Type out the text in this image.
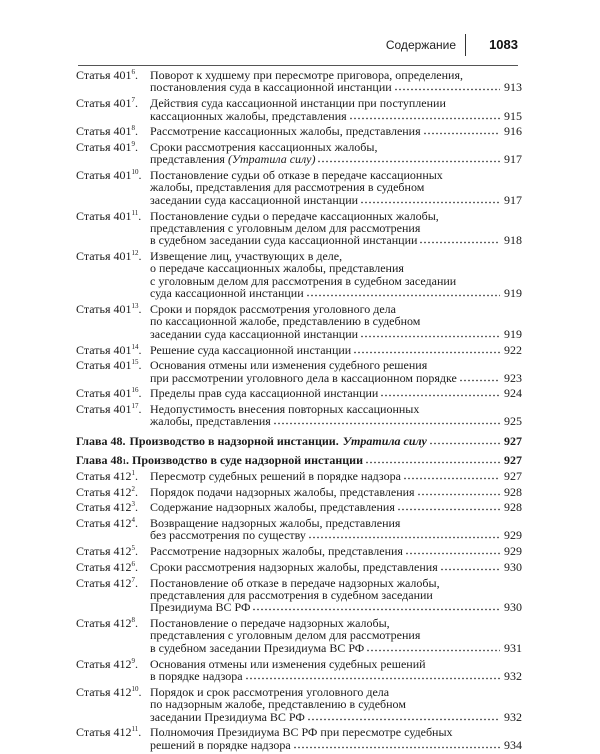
Содержание	1083
Статья $401^6$. Поворот к худшему при пересмотре приговора, определения,
постановления суда в кассационной инстанции	913
Статья $401^7$. Действия суда кассационной инстанции при поступлении
кассационных жалобы, представления	915
Статья $401^8$. Рассмотрение кассационных жалобы, представления	916
Статья $401^9$. Сроки рассмотрения кассационных жалобы,
представления (Утратила силу)	917
Статья $401^{10}$. Постановление судьи об отказе в передаче кассационных
жалобы, представления для рассмотрения в судебном
заседании суда кассационной инстанции	917
Статья $401^{11}$. Постановление судьи о передаче кассационных жалобы,
представления с уголовным делом для рассмотрения
в судебном заседании суда кассационной инстанции	918
Статья $401^{12}$. Извещение лиц, участвующих в деле,
о передаче кассационных жалобы, представления
с уголовным делом для рассмотрения в судебном заседании
суда кассационной инстанции	919
Статья $401^{13}$. Сроки и порядок рассмотрения уголовного дела
по кассационной жалобе, представлению в судебном
заседании суда кассационной инстанции	919
Статья $401^{14}$. Решение суда кассационной инстанции	922
Статья $401^{15}$. Основания отмены или изменения судебного решения
при рассмотрении уголовного дела в кассационном порядке	923
Статья $401^{16}$. Пределы прав суда кассационной инстанции	924
Статья $401^{17}$. Недопустимость внесения повторных кассационных
жалобы, представления	925
Глава 48. Производство в надзорной инстанции. Утратила силу	927
Глава 48 1 . Производство в суде надзорной инстанции	927
Статья $412^1$. Пересмотр судебных решений в порядке надзора	927
Статья $412^2$. Порядок подачи надзорных жалобы, представления	928
Статья $412^3$. Содержание надзорных жалобы, представления	928
Статья $412^4$. Возвращение надзорных жалобы, представления
без рассмотрения по существу	929
Статья $412^5$. Рассмотрение надзорных жалобы, представления	929
Статья $412^6$. Сроки рассмотрения надзорных жалобы, представления	930
Статья $412^7$. Постановление об отказе в передаче надзорных жалобы,
представления для рассмотрения в судебном заседании
Президиума ВС РФ	930
Статья $412^8$. Постановление о передаче надзорных жалобы,
представления с уголовным делом для рассмотрения
в судебном заседании Президиума ВС РФ	931
Статья $412^9$. Основания отмены или изменения судебных решений
в порядке надзора	932
Статья $412^{10}$. Порядок и срок рассмотрения уголовного дела
по надзорным жалобе, представлению в судебном
заседании Президиума ВС РФ	932
Статья $412^{11}$. Полномочия Президиума ВС РФ при пересмотре судебных
решений в порядке надзора	934
